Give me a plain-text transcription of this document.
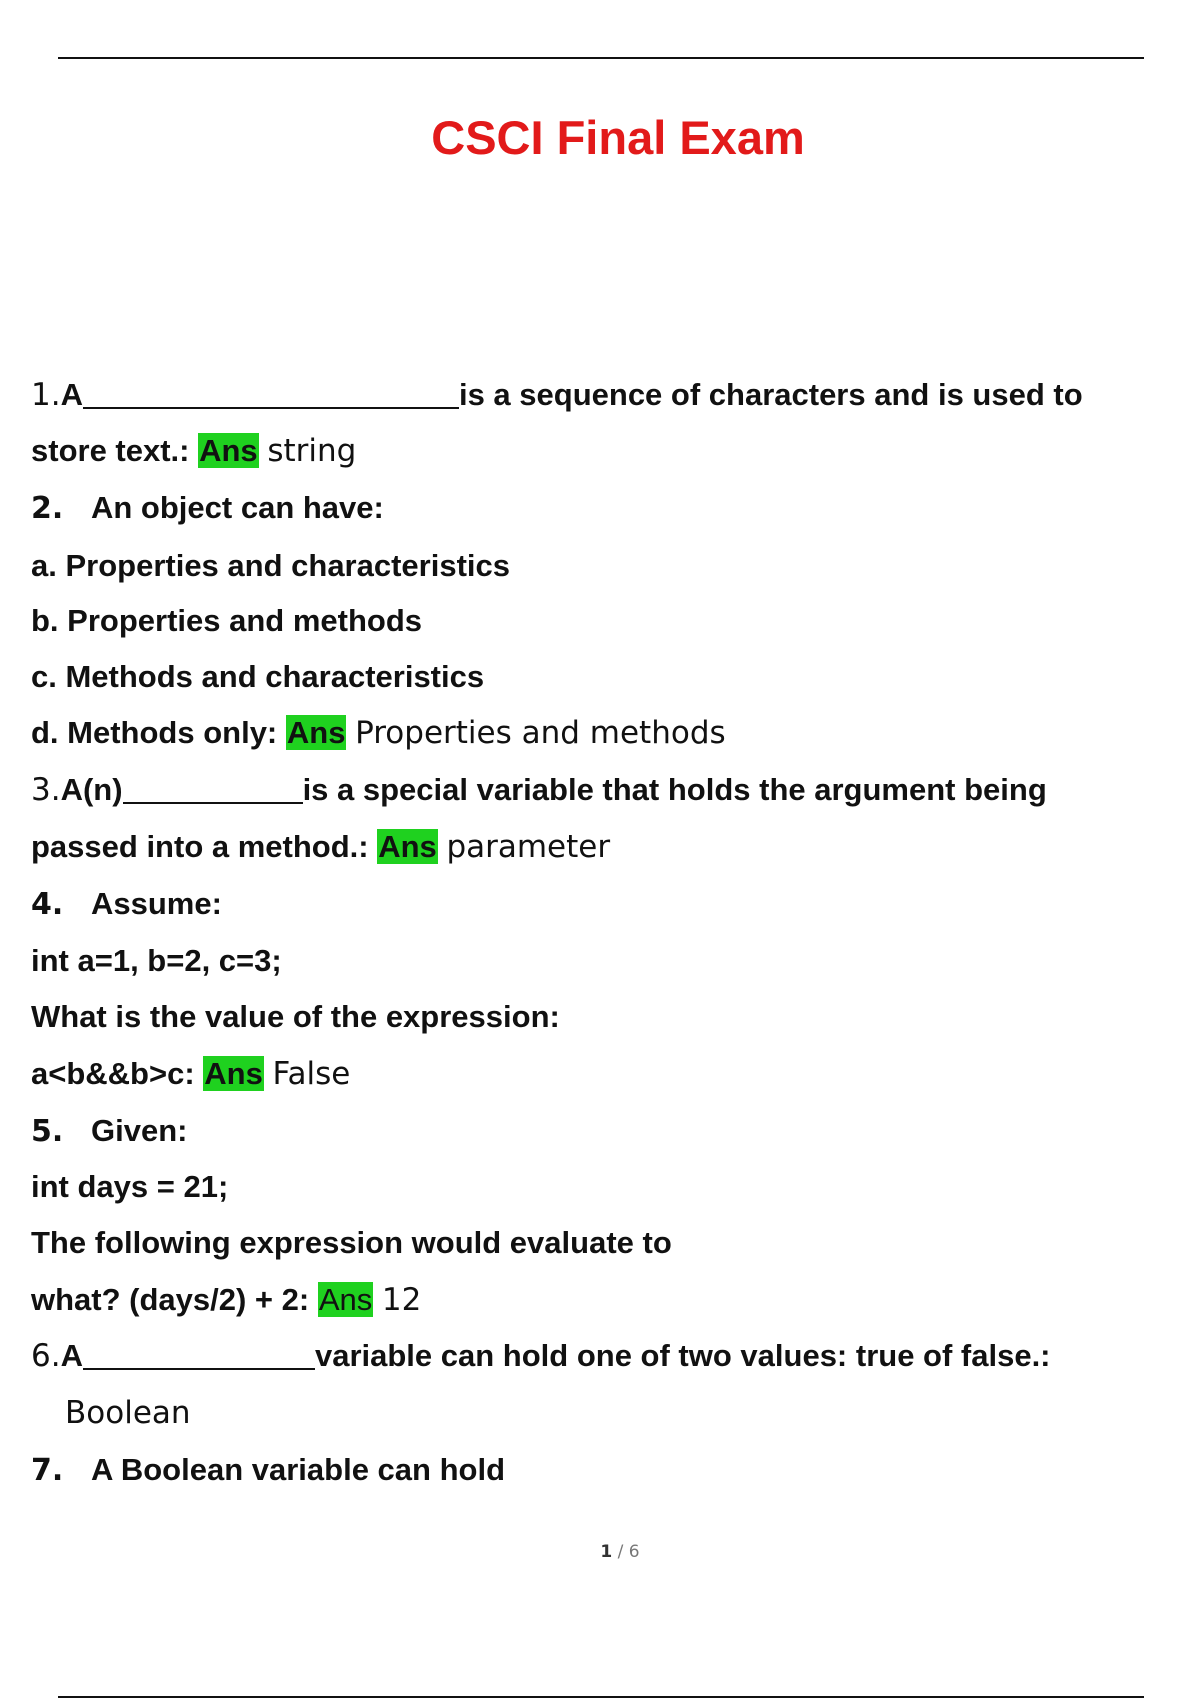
CSCI Final Exam
1.A	is a sequence of characters and is used to
store text.: Ans string
2. An object can have:
a. Properties and characteristics
b. Properties and methods
c. Methods and characteristics
d. Methods only: Ans Properties and methods
3.A(n)	is a special variable that holds the argument being
passed into a method.: Ans parameter
4. Assume:
int a=1, b=2, c=3;
What is the value of the expression:
a<b&&b>c: Ans False
5. Given:
int days = 21;
The following expression would evaluate to
what? (days/2) + 2: Ans 12
6.A	variable can hold one of two values: true of false.:
Boolean
7. A Boolean variable can hold
1 / 6
